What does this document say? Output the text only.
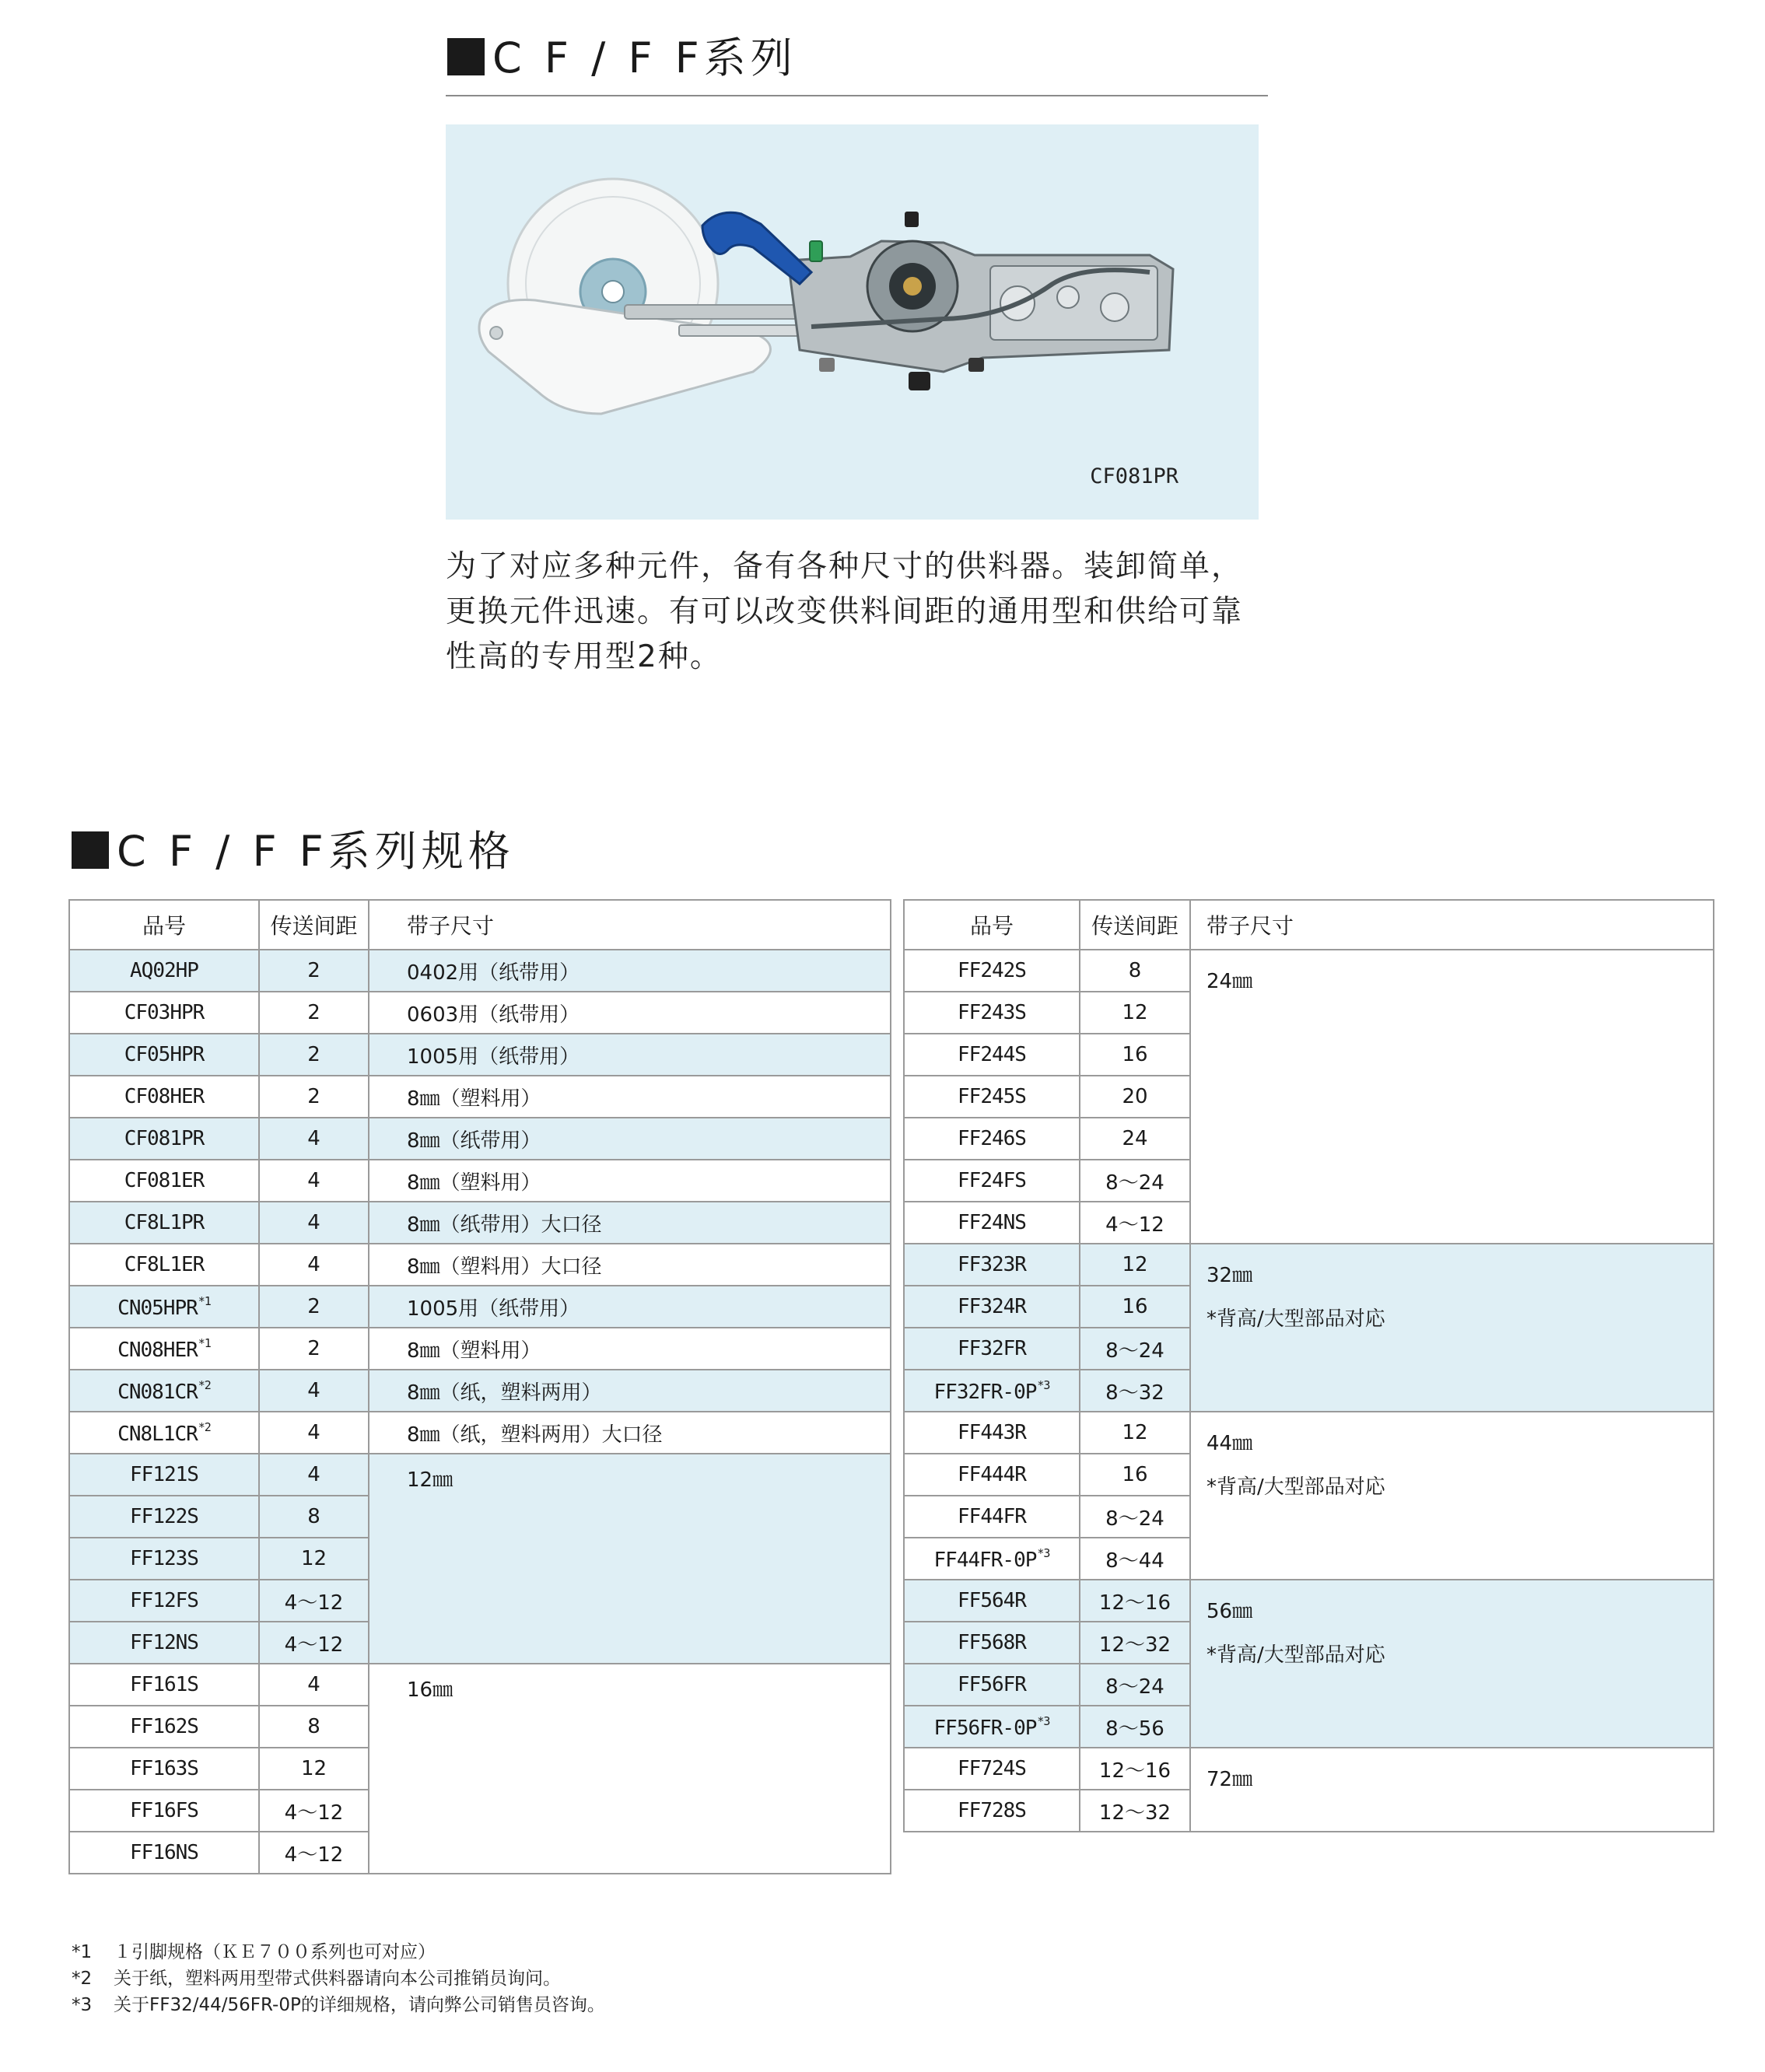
C F / F F系列
CF081PR
为了对应多种元件，备有各种尺寸的供料器。装卸简单，更换元件迅速。有可以改变供料间距的通用型和供给可靠性高的专用型2种。
C F / F F系列规格
品号	传送间距	带子尺寸
AQ02HP	2	0402用（纸带用）
CF03HPR	2	0603用（纸带用）
CF05HPR	2	1005用（纸带用）
CF08HER	2	8㎜（塑料用）
CF081PR	4	8㎜（纸带用）
CF081ER	4	8㎜（塑料用）
CF8L1PR	4	8㎜（纸带用）大口径
CF8L1ER	4	8㎜（塑料用）大口径
CN05HPR$^{*1}$	2	1005用（纸带用）
CN08HER$^{*1}$	2	8㎜（塑料用）
CN081CR$^{*2}$	4	8㎜（纸，塑料两用）
CN8L1CR$^{*2}$	4	8㎜（纸，塑料两用）大口径
FF121S	4	12㎜
FF122S	8	
FF123S	12	
FF12FS	4～12	
FF12NS	4～12	
FF161S	4	16㎜
FF162S	8	
FF163S	12	
FF16FS	4～12	
FF16NS	4～12	
品号	传送间距	带子尺寸
FF242S	8	24㎜

FF243S	12	
FF244S	16	
FF245S	20	
FF246S	24	
FF24FS	8～24	
FF24NS	4～12	
FF323R	12	32㎜
*背高/大型部品对応

FF324R	16	
FF32FR	8～24	
$FF32FR-0P^{*3}$	8～32	
FF443R	12	44㎜
*背高/大型部品对応

FF444R	16	
FF44FR	8～24	
$FF44FR-0P^{*3}$	8～44	
FF564R	12～16	56㎜
*背高/大型部品对応

FF568R	12～32	
FF56FR	8～24	
$FF56FR-0P^{*3}$	8～56	
FF724S	12～16	72㎜

FF728S	12～32	
*1 １引脚规格（ＫＥ７００系列也可对应）
*2 关于纸，塑料两用型带式供料器请向本公司推销员询问。
*3 关于FF32/44/56FR-0P的详细规格，请向弊公司销售员咨询。
